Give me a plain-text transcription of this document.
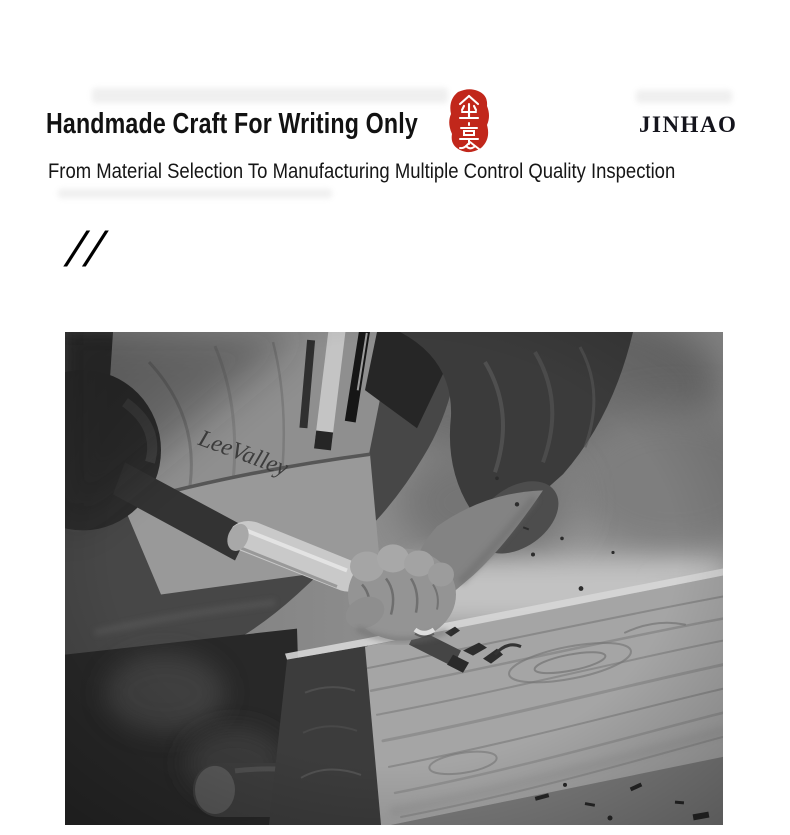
Handmade Craft For Writing Only	JINHAO
From Material Selection To Manufacturing Multiple Control Quality Inspection
//
